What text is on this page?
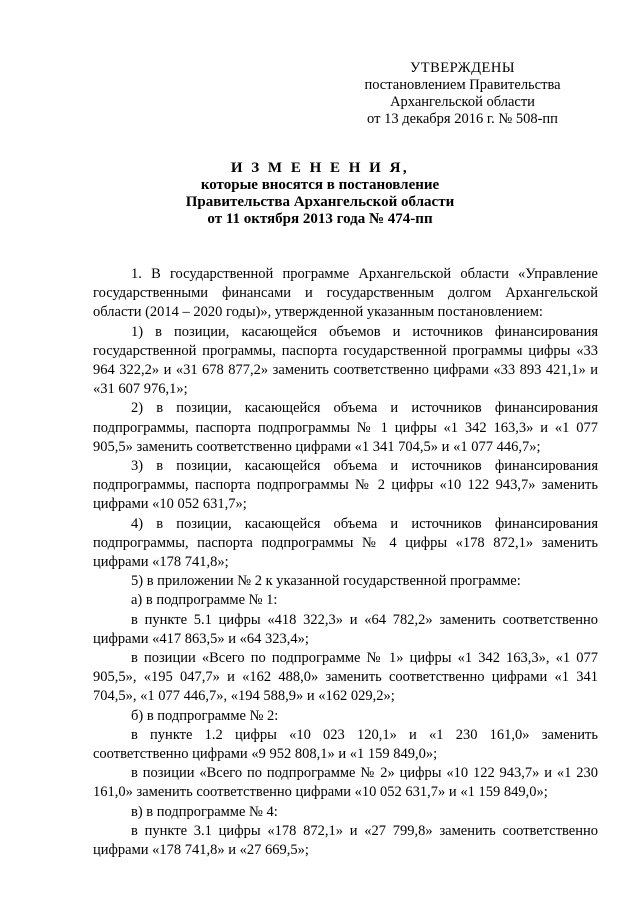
УТВЕРЖДЕНЫ
постановлением Правительства
Архангельской области
от 13 декабря 2016 г. № 508-пп
И З М Е Н Е Н И Я,
которые вносятся в постановление
Правительства Архангельской области
от 11 октября 2013 года № 474-пп

1. В государственной программе Архангельской области «Управление государственными финансами и государственным долгом Архангельской области (2014 – 2020 годы)», утвержденной указанным постановлением:

1) в позиции, касающейся объемов и источников финансирования государственной программы, паспорта государственной программы цифры «33 964 322,2» и «31 678 877,2» заменить соответственно цифрами «33 893 421,1» и «31 607 976,1»;

2) в позиции, касающейся объема и источников финансирования подпрограммы, паспорта подпрограммы № 1 цифры «1 342 163,3» и «1 077 905,5» заменить соответственно цифрами «1 341 704,5» и «1 077 446,7»;

3) в позиции, касающейся объема и источников финансирования подпрограммы, паспорта подпрограммы № 2 цифры «10 122 943,7» заменить цифрами «10 052 631,7»;

4) в позиции, касающейся объема и источников финансирования подпрограммы, паспорта подпрограммы № 4 цифры «178 872,1» заменить цифрами «178 741,8»;

5) в приложении № 2 к указанной государственной программе:

а) в подпрограмме № 1:

в пункте 5.1 цифры «418 322,3» и «64 782,2» заменить соответственно цифрами «417 863,5» и «64 323,4»;

в позиции «Всего по подпрограмме № 1» цифры «1 342 163,3», «1 077 905,5», «195 047,7» и «162 488,0» заменить соответственно цифрами «1 341 704,5», «1 077 446,7», «194 588,9» и «162 029,2»;

б) в подпрограмме № 2:

в пункте 1.2 цифры «10 023 120,1» и «1 230 161,0» заменить соответственно цифрами «9 952 808,1» и «1 159 849,0»;

в позиции «Всего по подпрограмме № 2» цифры «10 122 943,7» и «1 230 161,0» заменить соответственно цифрами «10 052 631,7» и «1 159 849,0»;

в) в подпрограмме № 4:

в пункте 3.1 цифры «178 872,1» и «27 799,8» заменить соответственно цифрами «178 741,8» и «27 669,5»;
